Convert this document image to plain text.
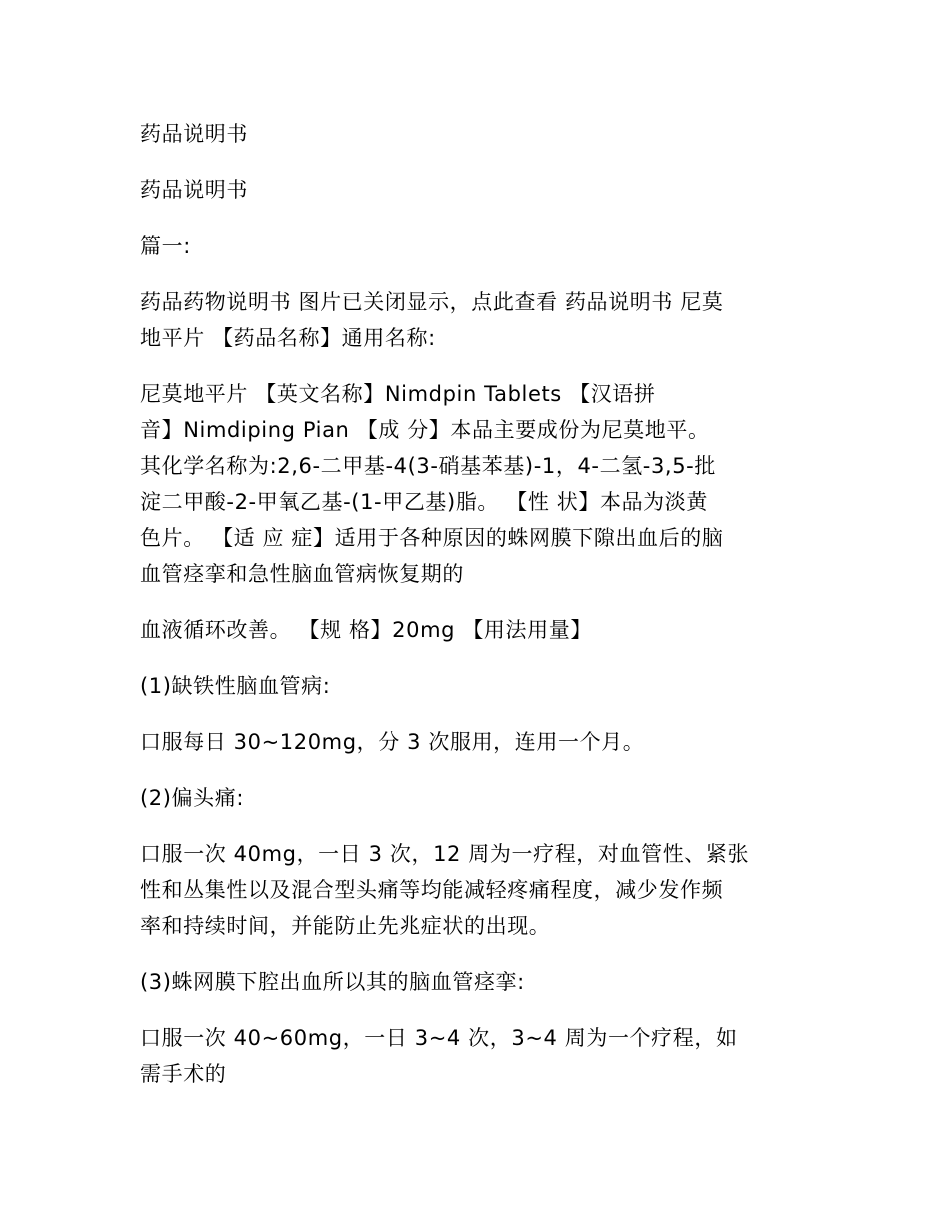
药品说明书

药品说明书

篇一:

药品药物说明书 图片已关闭显示，点此查看 药品说明书 尼莫
地平片 【药品名称】通用名称:

尼莫地平片 【英文名称】Nimdpin Tablets 【汉语拼
音】Nimdiping Pian 【成 分】本品主要成份为尼莫地平。
其化学名称为:2,6-二甲基-4(3-硝基苯基)-1，4-二氢-3,5-批
淀二甲酸-2-甲氧乙基-(1-甲乙基)脂。 【性 状】本品为淡黄
色片。 【适 应 症】适用于各种原因的蛛网膜下隙出血后的脑
血管痉挛和急性脑血管病恢复期的

血液循环改善。 【规 格】20mg 【用法用量】

(1)缺铁性脑血管病:

口服每日 30~120mg，分 3 次服用，连用一个月。

(2)偏头痛:

口服一次 40mg，一日 3 次，12 周为一疗程，对血管性、紧张
性和丛集性以及混合型头痛等均能减轻疼痛程度，减少发作频
率和持续时间，并能防止先兆症状的出现。

(3)蛛网膜下腔出血所以其的脑血管痉挛:

口服一次 40~60mg，一日 3~4 次，3~4 周为一个疗程，如
需手术的
